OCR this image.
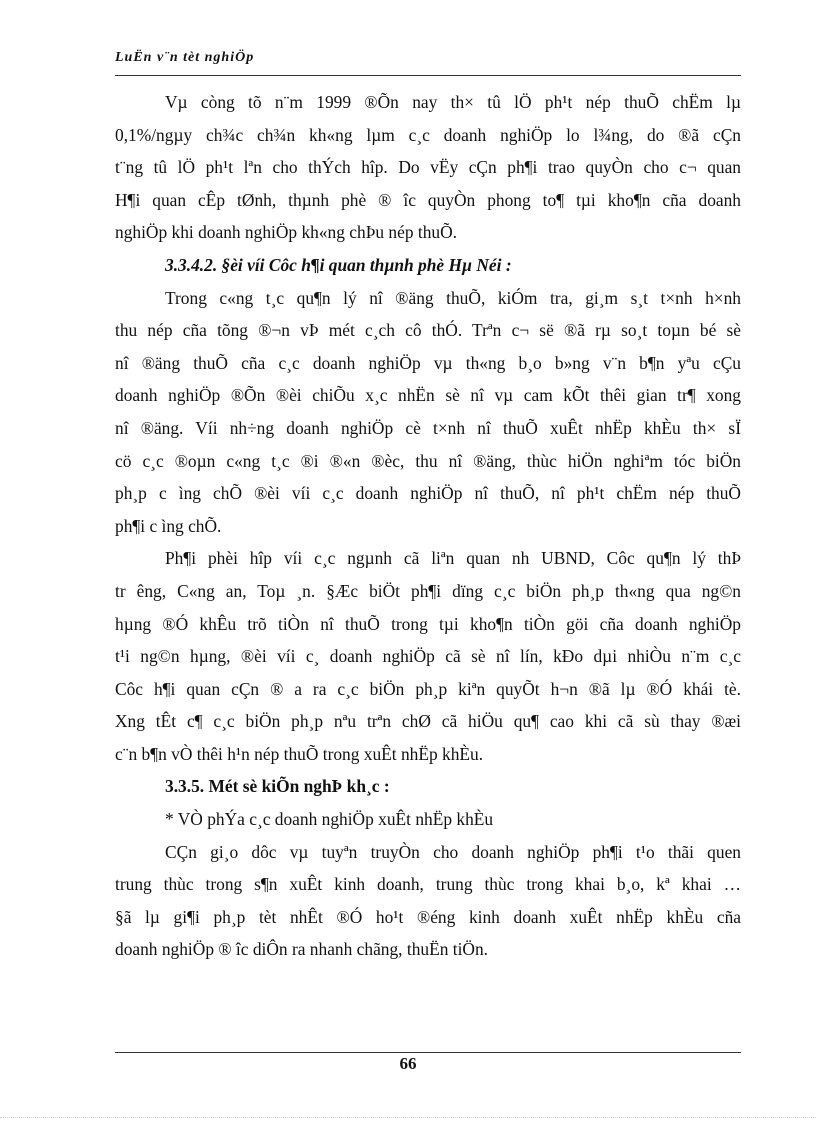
LuËn v¨n tèt nghiÖp
Vµ còng tõ n¨m 1999 ®Õn nay th× tû lÖ ph¹t nép thuÕ chËm lµ
0,1%/ngµy ch¾c ch¾n kh«ng lµm c¸c doanh nghiÖp lo l¾ng, do ®ã cÇn
t¨ng tû lÖ ph¹t lªn cho thÝch hîp. Do vËy cÇn ph¶i trao quyÒn cho c¬ quan
H¶i quan cÊp tØnh, thµnh phè ® îc quyÒn phong to¶ tµi kho¶n cña doanh
nghiÖp khi doanh nghiÖp kh«ng chÞu nép thuÕ.
3.3.4.2. §èi víi Côc h¶i quan thµnh phè Hµ Néi :
Trong c«ng t¸c qu¶n lý nî ®äng thuÕ, kiÓm tra, gi¸m s¸t t×nh h×nh
thu nép cña tõng ®¬n vÞ mét c¸ch cô thÓ. Trªn c¬ së ®ã rµ so¸t toµn bé sè
nî ®äng thuÕ cña c¸c doanh nghiÖp vµ th«ng b¸o b»ng v¨n b¶n yªu cÇu
doanh nghiÖp ®Õn ®èi chiÕu x¸c nhËn sè nî vµ cam kÕt thêi gian tr¶ xong
nî ®äng. Víi nh÷ng doanh nghiÖp cè t×nh nî thuÕ xuÊt nhËp khÈu th× sÏ
cö c¸c ®oµn c«ng t¸c ®i ®«n ®èc, thu nî ®äng, thùc hiÖn nghiªm tóc biÖn
ph¸p c ìng chÕ ®èi víi c¸c doanh nghiÖp nî thuÕ, nî ph¹t chËm nép thuÕ
ph¶i c ìng chÕ.
Ph¶i phèi hîp víi c¸c ngµnh cã liªn quan nh UBND, Côc qu¶n lý thÞ
tr êng, C«ng an, Toµ ¸n. §Æc biÖt ph¶i dïng c¸c biÖn ph¸p th«ng qua ng©n
hµng ®Ó khÊu trõ tiÒn nî thuÕ trong tµi kho¶n tiÒn göi cña doanh nghiÖp
t¹i ng©n hµng, ®èi víi c¸ doanh nghiÖp cã sè nî lín, kÐo dµi nhiÒu n¨m c¸c
Côc h¶i quan cÇn ® a ra c¸c biÖn ph¸p kiªn quyÕt h¬n ®ã lµ ®Ó khái tè.
Xng tÊt c¶ c¸c biÖn ph¸p nªu trªn chØ cã hiÖu qu¶ cao khi cã sù thay ®æi
c¨n b¶n vÒ thêi h¹n nép thuÕ trong xuÊt nhËp khÈu.
3.3.5. Mét sè kiÕn nghÞ kh¸c :
* VÒ phÝa c¸c doanh nghiÖp xuÊt nhËp khÈu
CÇn gi¸o dôc vµ tuyªn truyÒn cho doanh nghiÖp ph¶i t¹o thãi quen
trung thùc trong s¶n xuÊt kinh doanh, trung thùc trong khai b¸o, kª khai …
§ã lµ gi¶i ph¸p tèt nhÊt ®Ó ho¹t ®éng kinh doanh xuÊt nhËp khÈu cña
doanh nghiÖp ® îc diÔn ra nhanh chãng, thuËn tiÖn.
66
